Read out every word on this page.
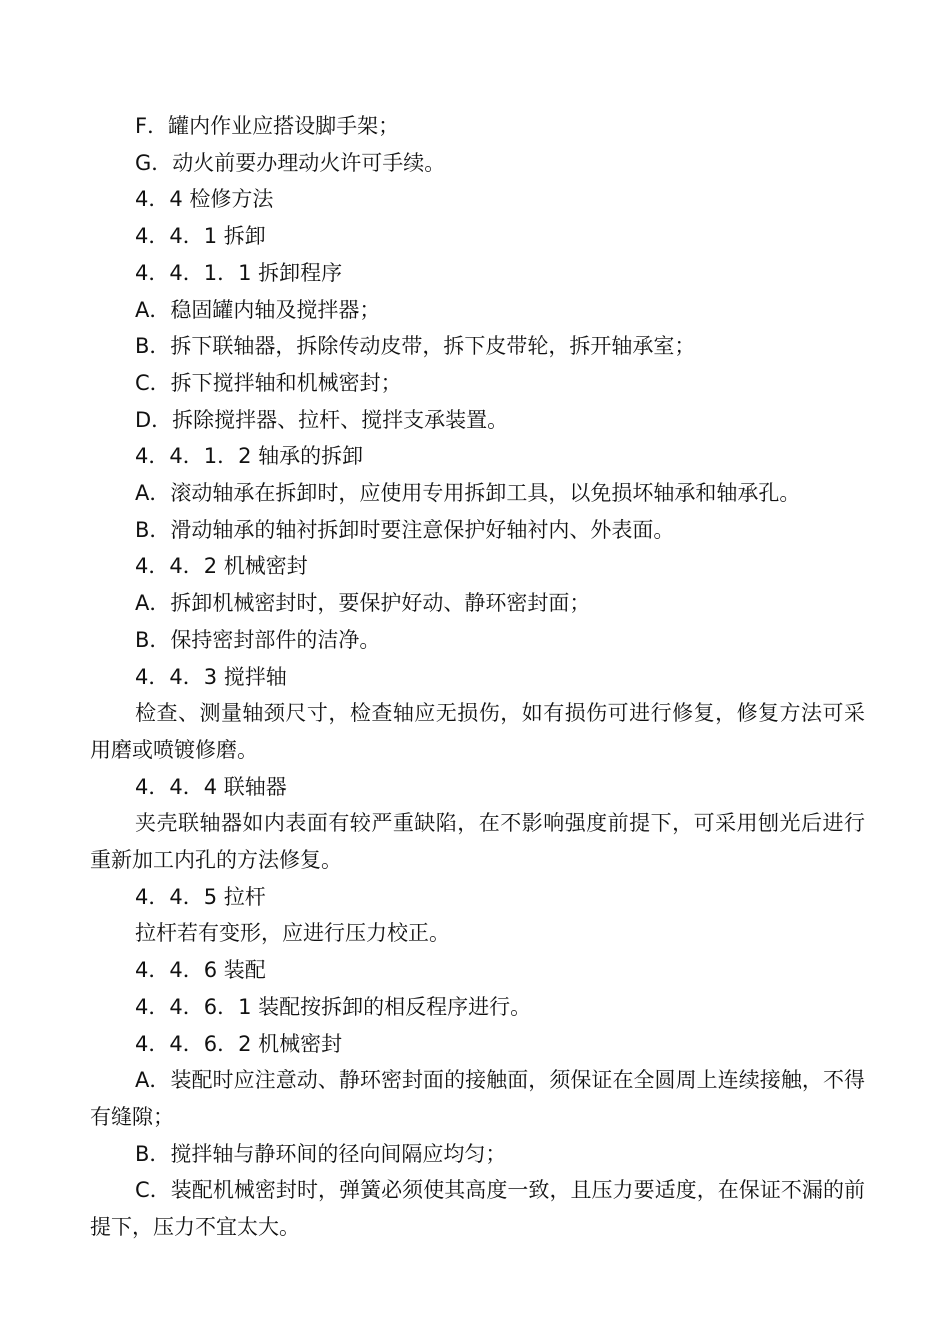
F．罐内作业应搭设脚手架；

G．动火前要办理动火许可手续。

4．4 检修方法

4．4．1 拆卸

4．4．1．1 拆卸程序

A．稳固罐内轴及搅拌器；

B．拆下联轴器，拆除传动皮带，拆下皮带轮，拆开轴承室；

C．拆下搅拌轴和机械密封；

D．拆除搅拌器、拉杆、搅拌支承装置。

4．4．1．2 轴承的拆卸

A．滚动轴承在拆卸时，应使用专用拆卸工具，以免损坏轴承和轴承孔。

B．滑动轴承的轴衬拆卸时要注意保护好轴衬内、外表面。

4．4．2 机械密封

A．拆卸机械密封时，要保护好动、静环密封面；

B．保持密封部件的洁净。

4．4．3 搅拌轴

检查、测量轴颈尺寸，检查轴应无损伤，如有损伤可进行修复，修复方法可采用磨或喷镀修磨。

4．4．4 联轴器

夹壳联轴器如内表面有较严重缺陷，在不影响强度前提下，可采用刨光后进行重新加工内孔的方法修复。

4．4．5 拉杆

拉杆若有变形，应进行压力校正。

4．4．6 装配

4．4．6．1 装配按拆卸的相反程序进行。

4．4．6．2 机械密封

A．装配时应注意动、静环密封面的接触面，须保证在全圆周上连续接触，不得有缝隙；

B．搅拌轴与静环间的径向间隔应均匀；

C．装配机械密封时，弹簧必须使其高度一致，且压力要适度，在保证不漏的前提下，压力不宜太大。
